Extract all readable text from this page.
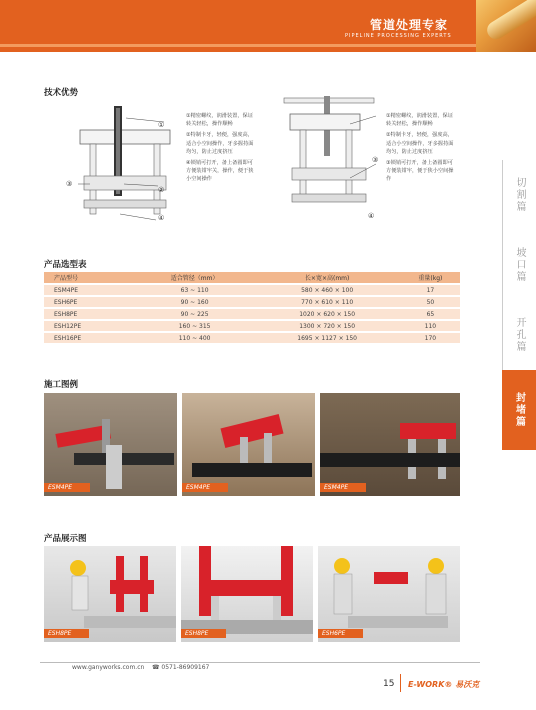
管道处理专家
PIPELINE PROCESSING EXPERTS
切割篇
坡口篇
开孔篇
封堵篇
技术优势
①
②
③
④
①精密螺纹，润滑装置，保证转关轻松，操作顺畅
②特制卡牙，轻便，强度高，适合小空间操作，牙多握持面均匀，防止过度挤压
④锁销可打开，备上备圆即可方便装钳牢关，操作，便于狭小空间操作
③
④
①精密螺纹，润滑装置，保证转关轻松，操作顺畅
②特制卡牙，轻便，强度高，适合小空间操作，牙多握持面均匀，防止过度挤压
③锁销可打开，备上备圆即可方便装钳牢，便于狭小空间操作
产品选型表
产品型号	适合管径（mm）	长×宽×高(mm)	重量(kg)
ESM4PE	63 ~ 110	580 × 460 × 100	17
ESH6PE	90 ~ 160	770 × 610 × 110	50
ESH8PE	90 ~ 225	1020 × 620 × 150	65
ESH12PE	160 ~ 315	1300 × 720 × 150	110
ESH16PE	110 ~ 400	1695 × 1127 × 150	170
施工图例
ESM4PE	ESM4PE	ESM4PE
产品展示图
ESH8PE	ESH8PE	ESH6PE
www.ganyworks.com.cn ☎ 0571-86909167
15 E-WORK® 易沃克
